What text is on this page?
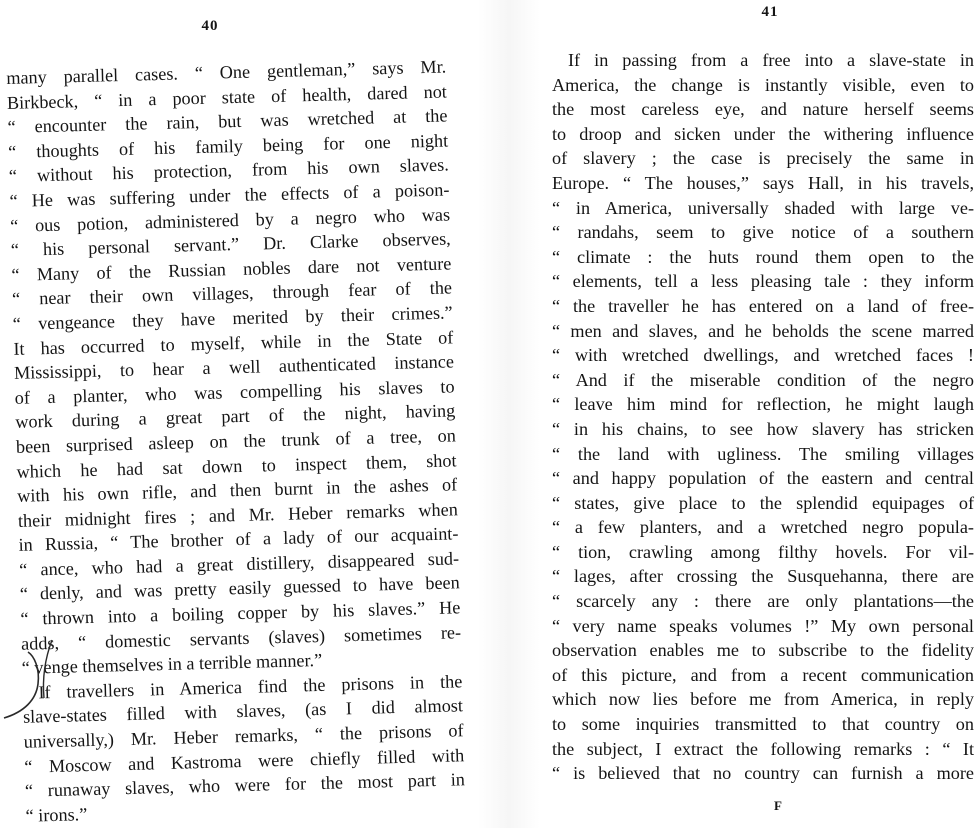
40
many parallel cases. “ One gentleman,” says Mr.
Birkbeck, “ in a poor state of health, dared not
“ encounter the rain, but was wretched at the
“ thoughts of his family being for one night
“ without his protection, from his own slaves.
“ He was suffering under the effects of a poison-
“ ous potion, administered by a negro who was
“ his personal servant.” Dr. Clarke observes,
“ Many of the Russian nobles dare not venture
“ near their own villages, through fear of the
“ vengeance they have merited by their crimes.”
It has occurred to myself, while in the State of
Mississippi, to hear a well authenticated instance
of a planter, who was compelling his slaves to
work during a great part of the night, having
been surprised asleep on the trunk of a tree, on
which he had sat down to inspect them, shot
with his own rifle, and then burnt in the ashes of
their midnight fires ; and Mr. Heber remarks when
in Russia, “ The brother of a lady of our acquaint-
“ ance, who had a great distillery, disappeared sud-
“ denly, and was pretty easily guessed to have been
“ thrown into a boiling copper by his slaves.” He
adds, “ domestic servants (slaves) sometimes re-
“ venge themselves in a terrible manner.”
If travellers in America find the prisons in the
slave-states filled with slaves, (as I did almost
universally,) Mr. Heber remarks, “ the prisons of
“ Moscow and Kastroma were chiefly filled with
“ runaway slaves, who were for the most part in
“ irons.”
41
If in passing from a free into a slave-state in
America, the change is instantly visible, even to
the most careless eye, and nature herself seems
to droop and sicken under the withering influence
of slavery ; the case is precisely the same in
Europe. “ The houses,” says Hall, in his travels,
“ in America, universally shaded with large ve-
“ randahs, seem to give notice of a southern
“ climate : the huts round them open to the
“ elements, tell a less pleasing tale : they inform
“ the traveller he has entered on a land of free-
“ men and slaves, and he beholds the scene marred
“ with wretched dwellings, and wretched faces !
“ And if the miserable condition of the negro
“ leave him mind for reflection, he might laugh
“ in his chains, to see how slavery has stricken
“ the land with ugliness. The smiling villages
“ and happy population of the eastern and central
“ states, give place to the splendid equipages of
“ a few planters, and a wretched negro popula-
“ tion, crawling among filthy hovels. For vil-
“ lages, after crossing the Susquehanna, there are
“ scarcely any : there are only plantations—the
“ very name speaks volumes !” My own personal
observation enables me to subscribe to the fidelity
of this picture, and from a recent communication
which now lies before me from America, in reply
to some inquiries transmitted to that country on
the subject, I extract the following remarks : “ It
“ is believed that no country can furnish a more
F
